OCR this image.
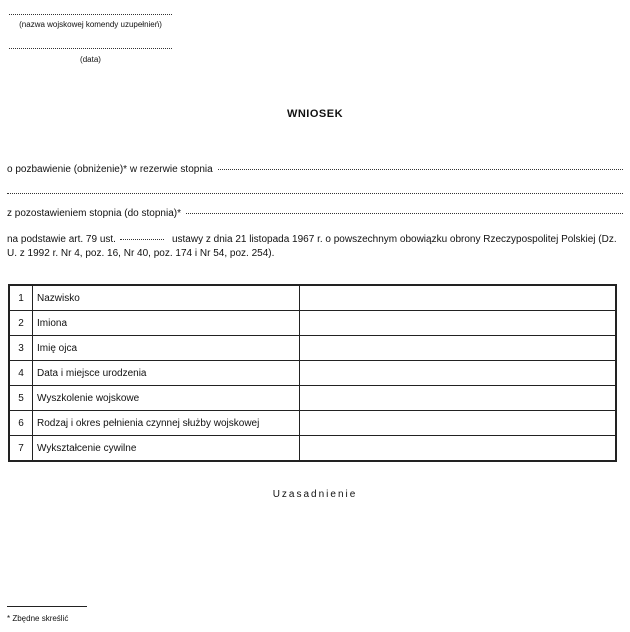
(nazwa wojskowej komendy uzupełnień)
(data)
WNIOSEK
o pozbawienie (obniżenie)* w rezerwie stopnia
z pozostawieniem stopnia (do stopnia)*
na podstawie art. 79 ust.	ustawy z dnia 21 listopada 1967 r. o powszechnym obowiązku obrony Rzeczypospolitej Polskiej (Dz. U. z 1992 r. Nr 4, poz. 16, Nr 40, poz. 174 i Nr 54, poz. 254).
1	Nazwisko	
2	Imiona	
3	Imię ojca	
4	Data i miejsce urodzenia	
5	Wyszkolenie wojskowe	
6	Rodzaj i okres pełnienia czynnej służby wojskowej	
7	Wykształcenie cywilne	
Uzasadnienie
* Zbędne skreślić
